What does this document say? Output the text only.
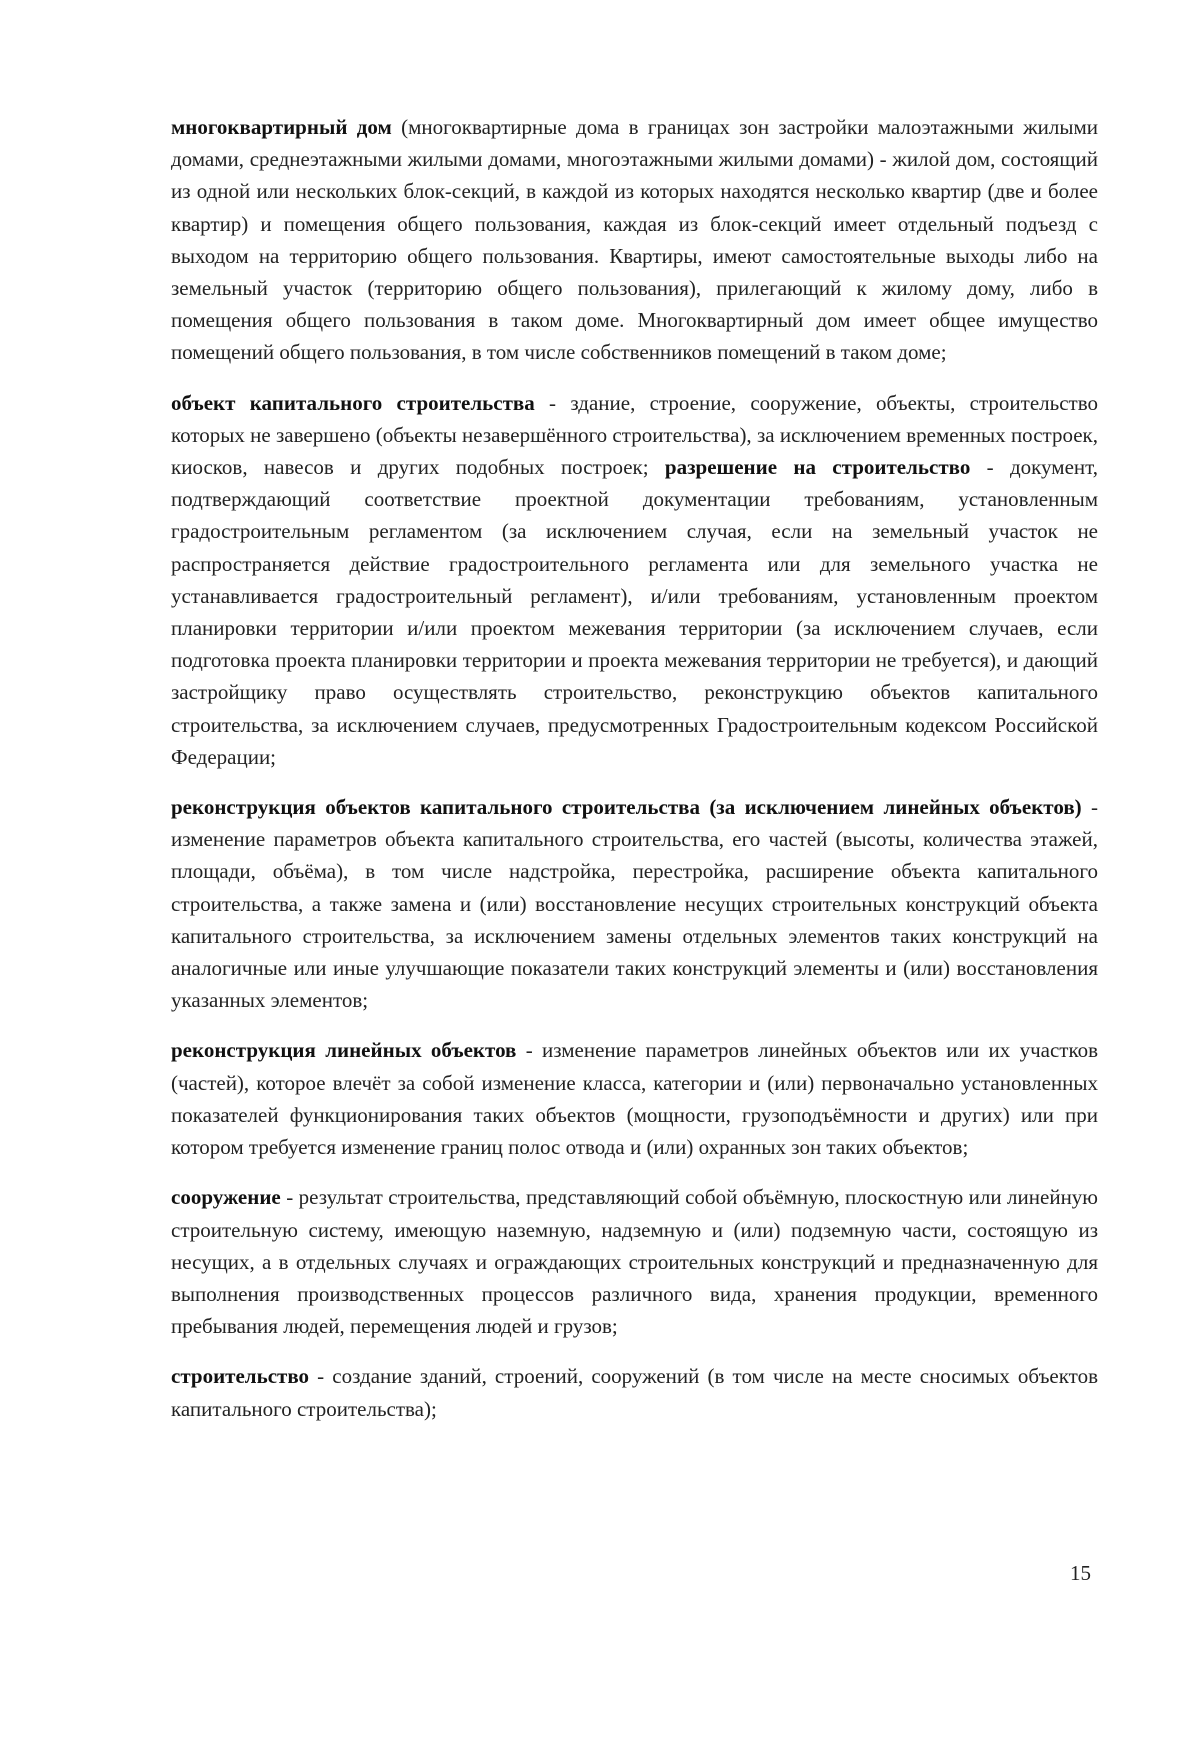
многоквартирный дом (многоквартирные дома в границах зон застройки малоэтажными жилыми домами, среднеэтажными жилыми домами, многоэтажными жилыми домами) - жилой дом, состоящий из одной или нескольких блок-секций, в каждой из которых находятся несколько квартир (две и более квартир) и помещения общего пользования, каждая из блок-секций имеет отдельный подъезд с выходом на территорию общего пользования. Квартиры, имеют самостоятельные выходы либо на земельный участок (территорию общего пользования), прилегающий к жилому дому, либо в помещения общего пользования в таком доме. Многоквартирный дом имеет общее имущество помещений общего пользования, в том числе собственников помещений в таком доме;

объект капитального строительства - здание, строение, сооружение, объекты, строительство которых не завершено (объекты незавершённого строительства), за исключением временных построек, киосков, навесов и других подобных построек; разрешение на строительство - документ, подтверждающий соответствие проектной документации требованиям, установленным градостроительным регламентом (за исключением случая, если на земельный участок не распространяется действие градостроительного регламента или для земельного участка не устанавливается градостроительный регламент), и/или требованиям, установленным проектом планировки территории и/или проектом межевания территории (за исключением случаев, если подготовка проекта планировки территории и проекта межевания территории не требуется), и дающий застройщику право осуществлять строительство, реконструкцию объектов капитального строительства, за исключением случаев, предусмотренных Градостроительным кодексом Российской Федерации;

реконструкция объектов капитального строительства (за исключением линейных объектов) - изменение параметров объекта капитального строительства, его частей (высоты, количества этажей, площади, объёма), в том числе надстройка, перестройка, расширение объекта капитального строительства, а также замена и (или) восстановление несущих строительных конструкций объекта капитального строительства, за исключением замены отдельных элементов таких конструкций на аналогичные или иные улучшающие показатели таких конструкций элементы и (или) восстановления указанных элементов;

реконструкция линейных объектов - изменение параметров линейных объектов или их участков (частей), которое влечёт за собой изменение класса, категории и (или) первоначально установленных показателей функционирования таких объектов (мощности, грузоподъёмности и других) или при котором требуется изменение границ полос отвода и (или) охранных зон таких объектов;

сооружение - результат строительства, представляющий собой объёмную, плоскостную или линейную строительную систему, имеющую наземную, надземную и (или) подземную части, состоящую из несущих, а в отдельных случаях и ограждающих строительных конструкций и предназначенную для выполнения производственных процессов различного вида, хранения продукции, временного пребывания людей, перемещения людей и грузов;

строительство - создание зданий, строений, сооружений (в том числе на месте сносимых объектов капитального строительства);

15
